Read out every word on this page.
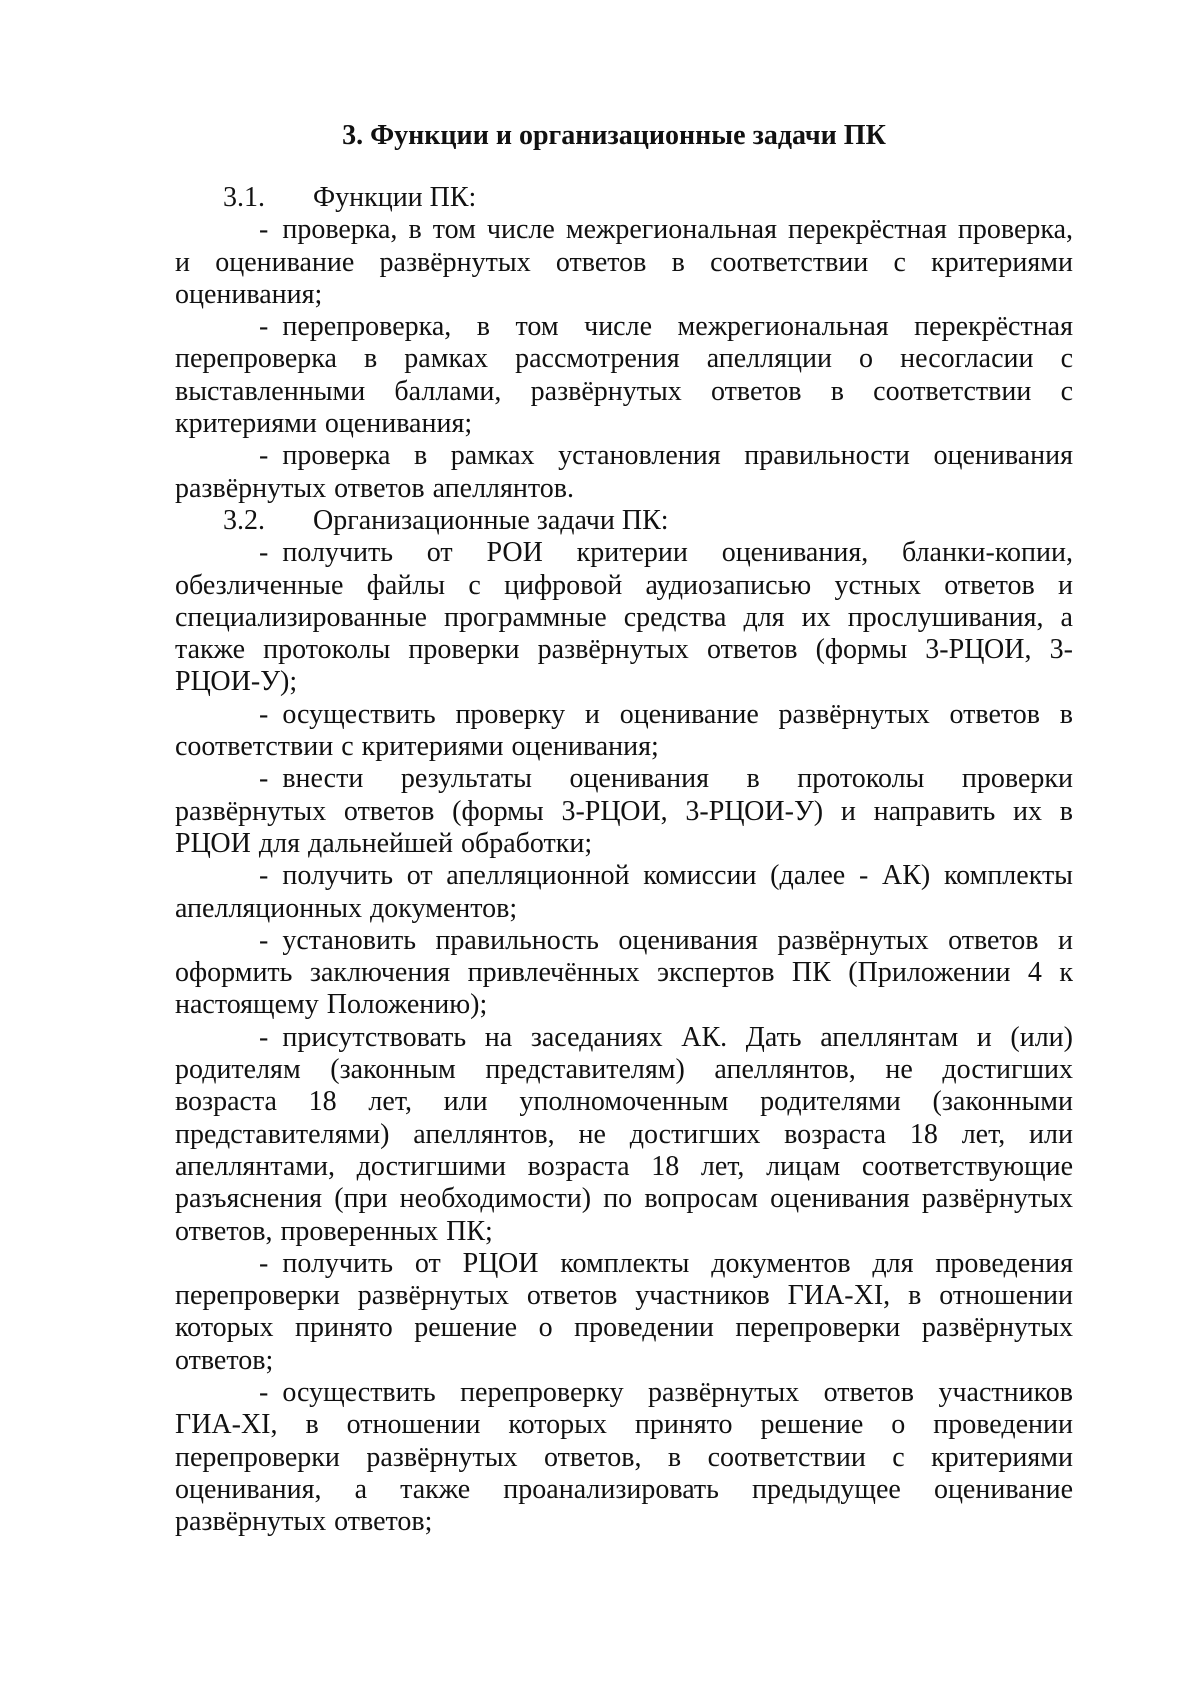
3. Функции и организационные задачи ПК

3.1. Функции ПК:

- проверка, в том числе межрегиональная перекрёстная проверка, и оценивание развёрнутых ответов в соответствии с критериями оценивания;

- перепроверка, в том числе межрегиональная перекрёстная перепроверка в рамках рассмотрения апелляции о несогласии с выставленными баллами, развёрнутых ответов в соответствии с критериями оценивания;

- проверка в рамках установления правильности оценивания развёрнутых ответов апеллянтов.

3.2. Организационные задачи ПК:

- получить от РОИ критерии оценивания, бланки-копии, обезличенные файлы с цифровой аудиозаписью устных ответов и специализированные программные средства для их прослушивания, а также протоколы проверки развёрнутых ответов (формы 3-РЦОИ, 3-РЦОИ-У);

- осуществить проверку и оценивание развёрнутых ответов в соответствии с критериями оценивания;

- внести результаты оценивания в протоколы проверки развёрнутых ответов (формы 3-РЦОИ, 3-РЦОИ-У) и направить их в РЦОИ для дальнейшей обработки;

- получить от апелляционной комиссии (далее - АК) комплекты апелляционных документов;

- установить правильность оценивания развёрнутых ответов и оформить заключения привлечённых экспертов ПК (Приложении 4 к настоящему Положению);

- присутствовать на заседаниях АК. Дать апеллянтам и (или) родителям (законным представителям) апеллянтов, не достигших возраста 18 лет, или уполномоченным родителями (законными представителями) апеллянтов, не достигших возраста 18 лет, или апеллянтами, достигшими возраста 18 лет, лицам соответствующие разъяснения (при необходимости) по вопросам оценивания развёрнутых ответов, проверенных ПК;

- получить от РЦОИ комплекты документов для проведения перепроверки развёрнутых ответов участников ГИА-XI, в отношении которых принято решение о проведении перепроверки развёрнутых ответов;

- осуществить перепроверку развёрнутых ответов участников ГИА-XI, в отношении которых принято решение о проведении перепроверки развёрнутых ответов, в соответствии с критериями оценивания, а также проанализировать предыдущее оценивание развёрнутых ответов;
